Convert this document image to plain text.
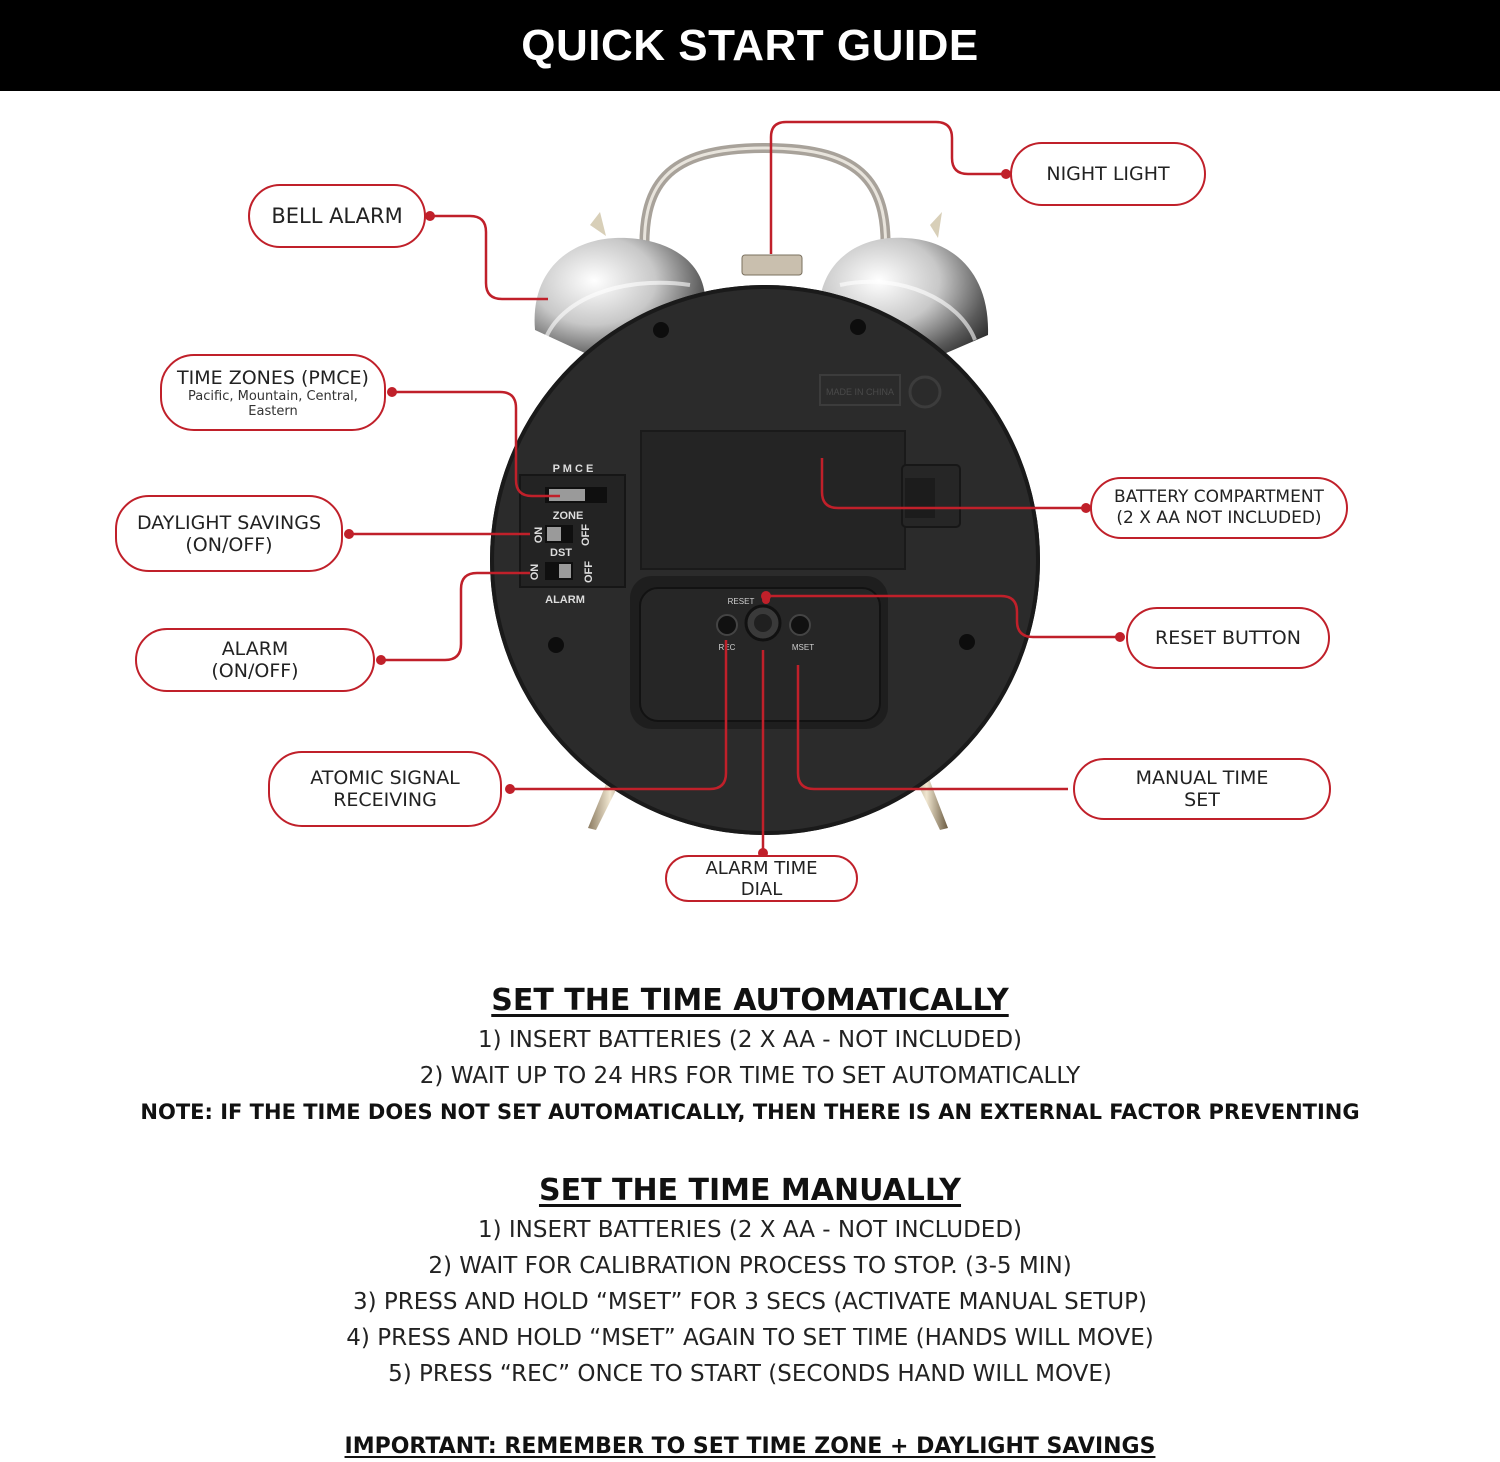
QUICK START GUIDE
MADE IN CHINA
P M C E
ZONE
ON	OFF
DST
ON	OFF
ALARM	RESET
REC	MSET
NIGHT LIGHT
BELL ALARM
TIME ZONES (PMCE)
Pacific, Mountain, Central, Eastern
BATTERY COMPARTMENT
(2 X AA NOT INCLUDED)
DAYLIGHT SAVINGS
(ON/OFF)
RESET BUTTON
ALARM
(ON/OFF)
ATOMIC SIGNAL
RECEIVING
MANUAL TIME
SET
ALARM TIME
DIAL
SET THE TIME AUTOMATICALLY
1) INSERT BATTERIES (2 X AA - NOT INCLUDED)
2) WAIT UP TO 24 HRS FOR TIME TO SET AUTOMATICALLY
NOTE: IF THE TIME DOES NOT SET AUTOMATICALLY, THEN THERE IS AN EXTERNAL FACTOR PREVENTING
SET THE TIME MANUALLY
1) INSERT BATTERIES (2 X AA - NOT INCLUDED)
2) WAIT FOR CALIBRATION PROCESS TO STOP. (3-5 MIN)
3) PRESS AND HOLD “MSET” FOR 3 SECS (ACTIVATE MANUAL SETUP)
4) PRESS AND HOLD “MSET” AGAIN TO SET TIME (HANDS WILL MOVE)
5) PRESS “REC” ONCE TO START (SECONDS HAND WILL MOVE)
IMPORTANT: REMEMBER TO SET TIME ZONE + DAYLIGHT SAVINGS
